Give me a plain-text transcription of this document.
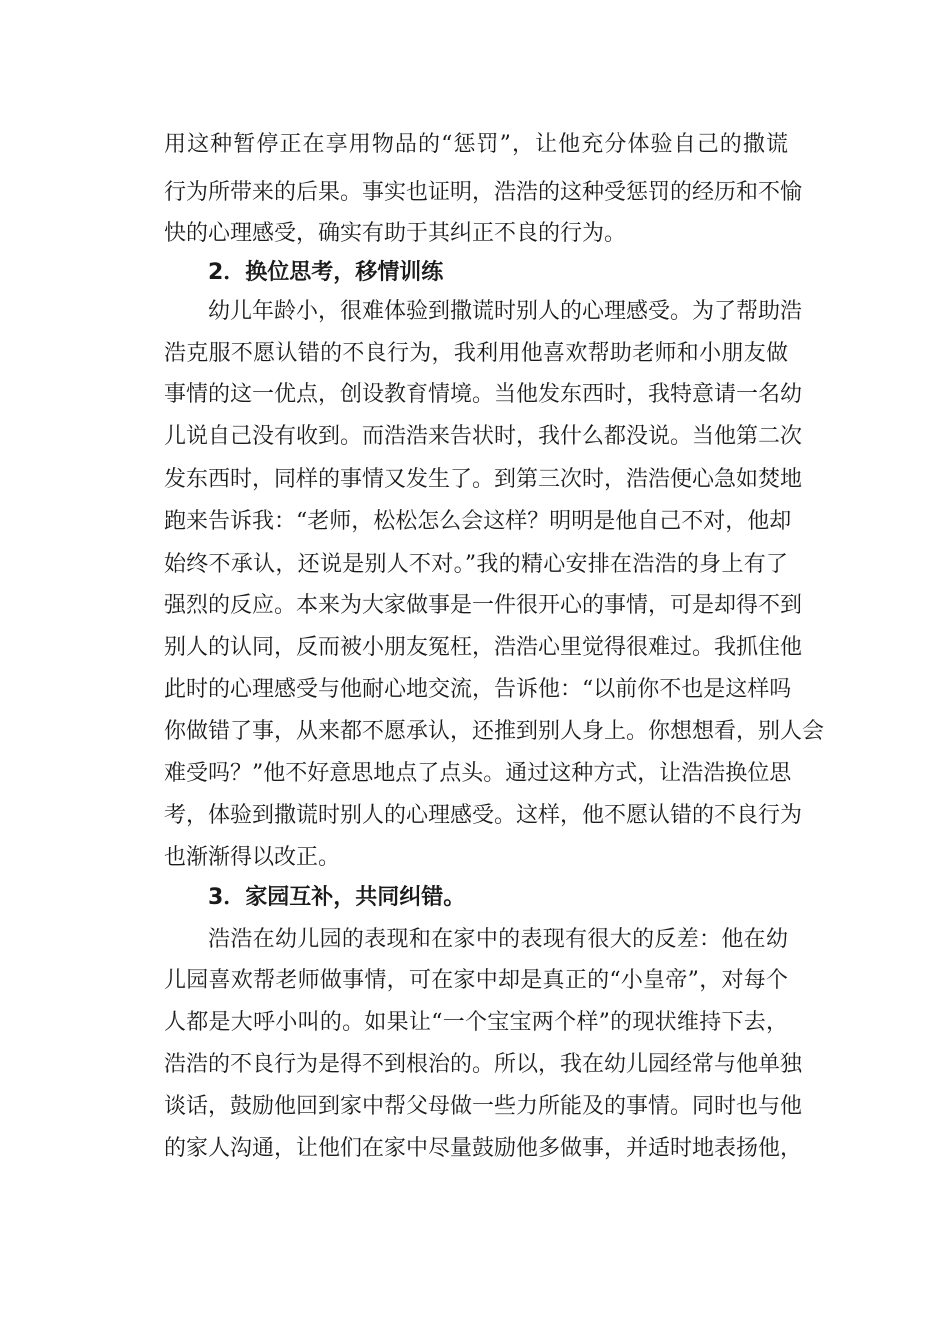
用这种暂停正在享用物品的“惩罚”，让他充分体验自己的撒谎
行为所带来的后果。事实也证明，浩浩的这种受惩罚的经历和不愉
快的心理感受，确实有助于其纠正不良的行为。
2．换位思考，移情训练
幼儿年龄小，很难体验到撒谎时别人的心理感受。为了帮助浩
浩克服不愿认错的不良行为，我利用他喜欢帮助老师和小朋友做
事情的这一优点，创设教育情境。当他发东西时，我特意请一名幼
儿说自己没有收到。而浩浩来告状时，我什么都没说。当他第二次
发东西时，同样的事情又发生了。到第三次时，浩浩便心急如焚地
跑来告诉我：“老师，松松怎么会这样？明明是他自己不对，他却
始终不承认，还说是别人不对。”我的精心安排在浩浩的身上有了
强烈的反应。本来为大家做事是一件很开心的事情，可是却得不到
别人的认同，反而被小朋友冤枉，浩浩心里觉得很难过。我抓住他
此时的心理感受与他耐心地交流，告诉他：“以前你不也是这样吗
你做错了事，从来都不愿承认，还推到别人身上。你想想看，别人会
难受吗？”他不好意思地点了点头。通过这种方式，让浩浩换位思
考，体验到撒谎时别人的心理感受。这样，他不愿认错的不良行为
也渐渐得以改正。
3．家园互补，共同纠错。
浩浩在幼儿园的表现和在家中的表现有很大的反差：他在幼
儿园喜欢帮老师做事情，可在家中却是真正的“小皇帝”，对每个
人都是大呼小叫的。如果让“一个宝宝两个样”的现状维持下去，
浩浩的不良行为是得不到根治的。所以，我在幼儿园经常与他单独
谈话，鼓励他回到家中帮父母做一些力所能及的事情。同时也与他
的家人沟通，让他们在家中尽量鼓励他多做事，并适时地表扬他，
